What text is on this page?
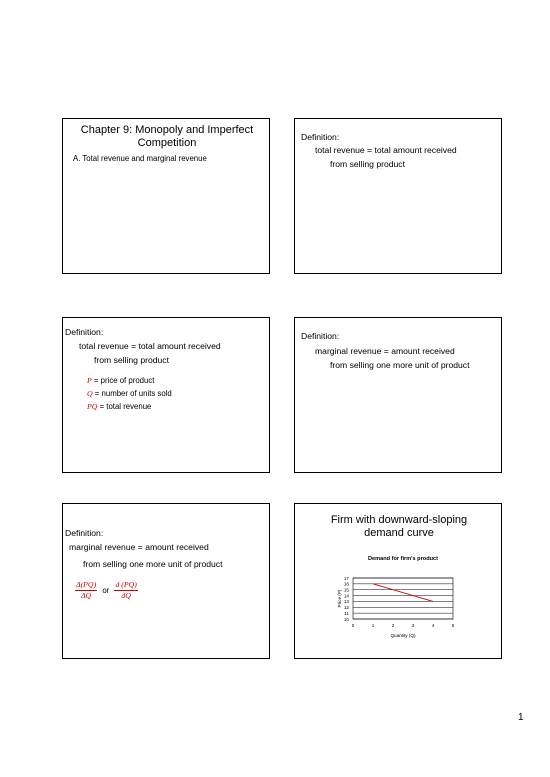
Chapter 9: Monopoly and Imperfect
Competition
A. Total revenue and marginal revenue
Definition:
total revenue = total amount received
from selling product
Definition:
total revenue = total amount received
from selling product
P = price of product
Q = number of units sold
PQ = total revenue
Definition:
marginal revenue = amount received
from selling one more unit of product
Definition:
marginal revenue = amount received
from selling one more unit of product
$\frac{\Delta(PQ)}{\Delta Q}$ or $\frac{d (PQ)}{dQ}$
Firm with downward-sloping
demand curve
Demand for firm's product
17
16
15
14
13
12
11
10
0	1	2	3	4	5
Quantity (Q)
Price (P)
1
